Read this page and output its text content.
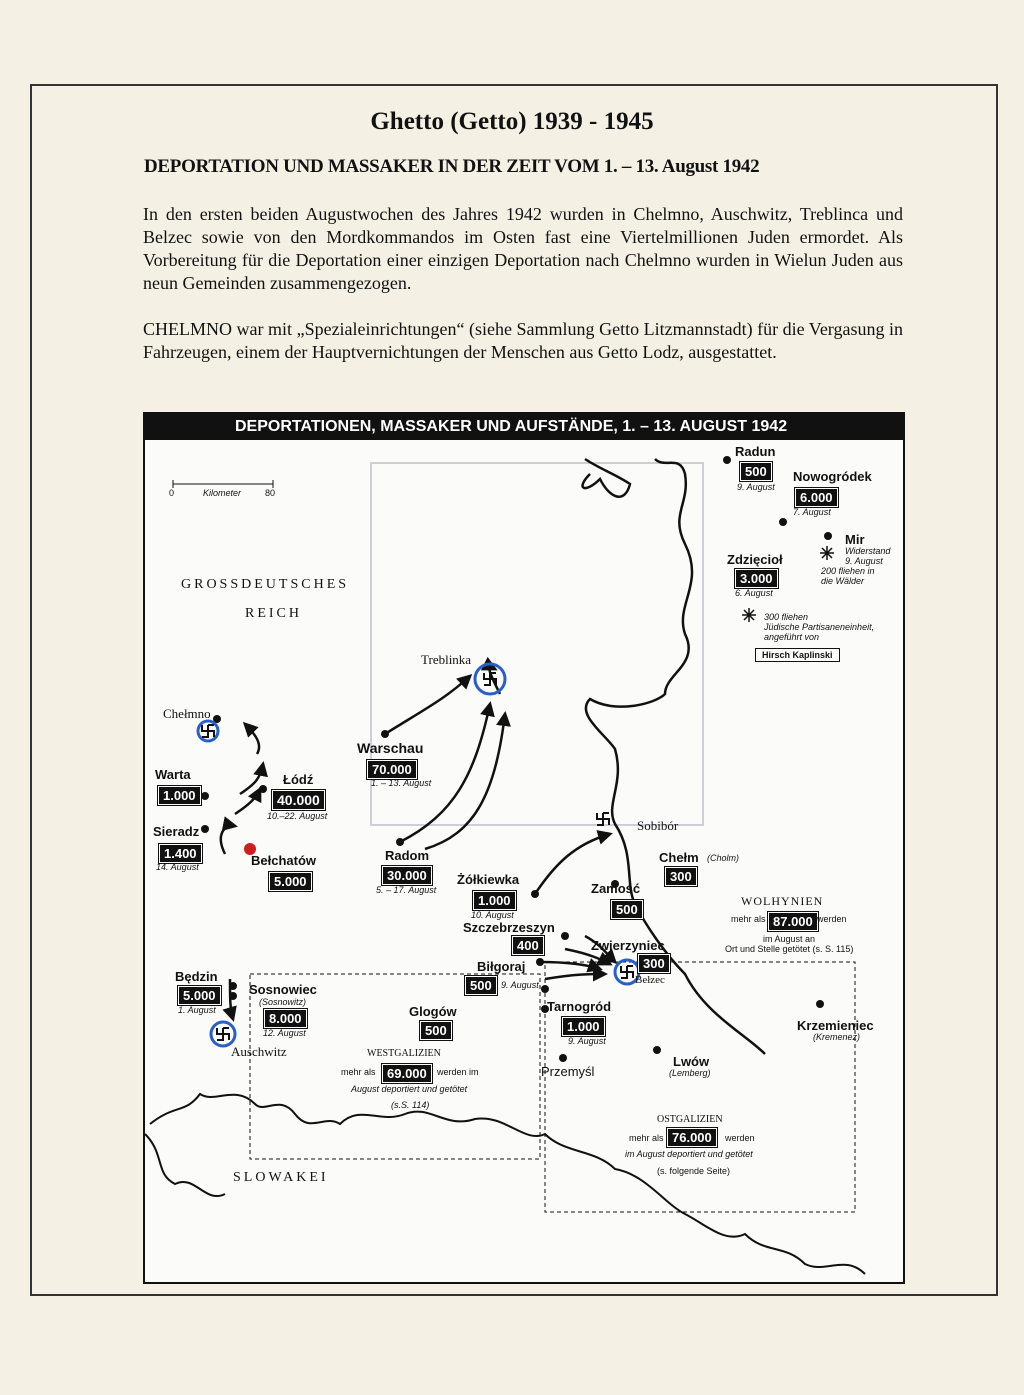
Ghetto (Getto) 1939 - 1945
DEPORTATION UND MASSAKER IN DER ZEIT VOM 1. – 13. August 1942
In den ersten beiden Augustwochen des Jahres 1942 wurden in Chelmno, Auschwitz, Treblinca und Belzec sowie von den Mordkommandos im Osten fast eine Viertelmillionen Juden ermordet. Als Vorbereitung für die Deportation einer einzigen Deportation nach Chelmno wurden in Wielun Juden aus neun Gemeinden zusammengezogen.
CHELMNO war mit „Spezialeinrichtungen“ (siehe Sammlung Getto Litzmannstadt) für die Vergasung in Fahrzeugen, einem der Hauptvernichtungen der Menschen aus Getto Lodz, ausgestattet.
DEPORTATIONEN, MASSAKER UND AUFSTÄNDE, 1. – 13. AUGUST 1942
0	Kilometer	80
GROSSDEUTSCHES
REICH
SLOWAKEI
WOLHYNIEN
WESTGALIZIEN
OSTGALIZIEN
Treblinka
Chełmno
Sobibór
Bełzec
Auschwitz
Radun
500
9. August
Nowogródek
6.000
7. August
Zdzięcioł
3.000
6. August
Mir
Widerstand
9. August
200 fliehen in
die Wälder
300 fliehen
Jüdische Partisaneneinheit,
angeführt von
Hirsch Kaplinski
Warschau
70.000
1. – 13. August
Warta
1.000
Łódź
40.000
10.–22. August
Sieradz
1.400
14. August	Bełchatów
5.000
Radom
30.000
5. – 17. August
Żółkiewka
1.000
10. August
Chełm (Cholm)
300
Zamość
500
Szczebrzeszyn
400	Zwierzyniec
300
Biłgoraj
500	9. August
Tarnogród
1.000
9. August
Będzin
5.000
1. August
Sosnowiec
(Sosnowitz)
8.000
12. August
Glogów
500	Krzemieniec
(Kremenez)
Lwów
(Lemberg)
Przemyśl
mehr als 87.000 werden
im August an
Ort und Stelle getötet (s. S. 115)
mehr als 69.000	werden im
August deportiert und getötet
(s.S. 114)
mehr als 76.000	werden
im August deportiert und getötet
(s. folgende Seite)
